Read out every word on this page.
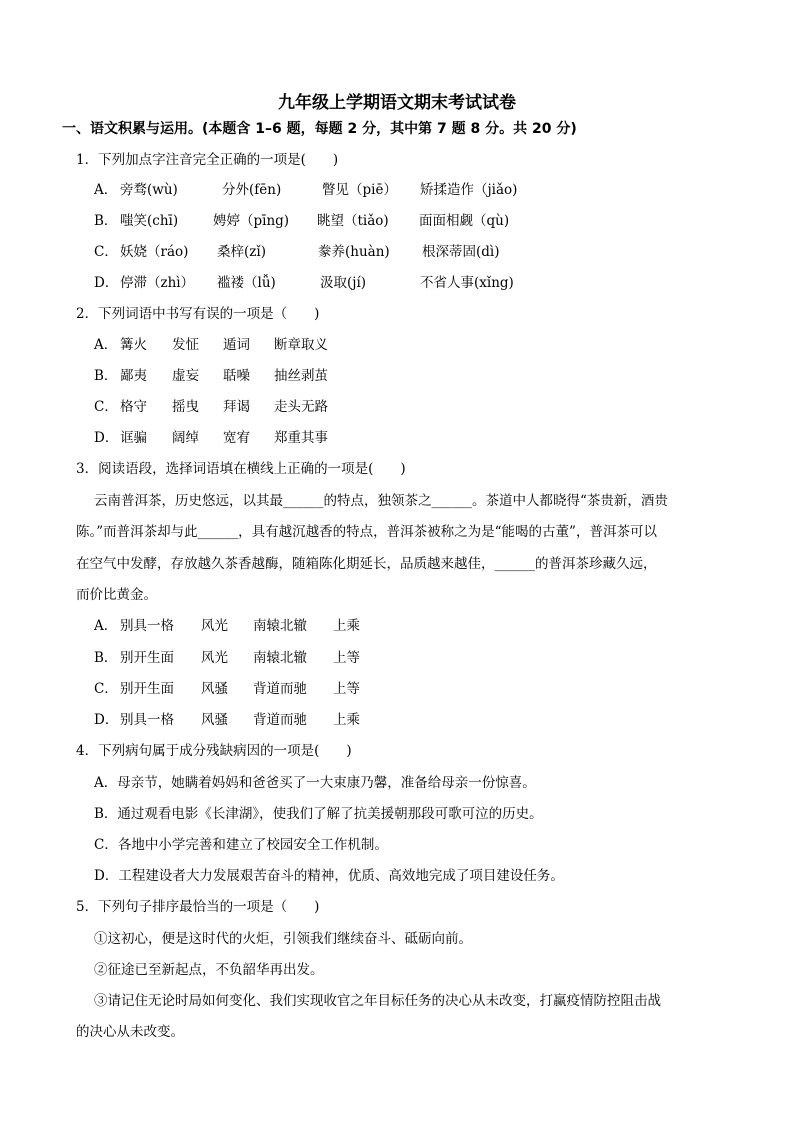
九年级上学期语文期末考试试卷
一、语文积累与运用。(本题含 1–6 题，每题 2 分，其中第 7 题 8 分。共 20 分)
1．下列加点字注音完全正确的一项是(　　)
A． 旁骛(wù)	分外(fēn)	瞥见（piē） 矫揉造作（jiǎo)
B． 嗤笑(chī)	娉婷（pīng) 眺望（tiǎo) 面面相觑（qù)
C． 妖娆（ráo) 桑梓(zǐ)	豢养(huàn) 根深蒂固(dì)
D． 停滞（zhì） 褴褛（lǚ)	汲取(jí)	不省人事(xǐng)
2．下列词语中书写有误的一项是（　　)
A． 篝火 发怔 遁词 断章取义
B． 鄙夷 虚妄 聒噪 抽丝剥茧
C． 格守 摇曳 拜谒 走头无路
D． 诓骗 阔绰 宽宥 郑重其事
3．阅读语段，选择词语填在横线上正确的一项是(　　)
云南普洱茶，历史悠远，以其最______的特点，独领茶之______。茶道中人都晓得“茶贵新，酒贵
陈。”而普洱茶却与此______，具有越沉越香的特点，普洱茶被称之为是“能喝的古董”，普洱茶可以
在空气中发酵，存放越久茶香越酶，随箱陈化期延长，品质越来越佳，______的普洱茶珍藏久远，
而价比黄金。
A． 别具一格 风光 南辕北辙 上乘
B． 别开生面 风光 南辕北辙 上等
C． 别开生面 风骚 背道而驰 上等
D． 别具一格 风骚 背道而驰 上乘
4．下列病句属于成分残缺病因的一项是(　　)
A．母亲节，她瞒着妈妈和爸爸买了一大束康乃馨，准备给母亲一份惊喜。
B．通过观看电影《长津湖》，使我们了解了抗美援朝那段可歌可泣的历史。
C．各地中小学完善和建立了校园安全工作机制。
D．工程建设者大力发展艰苦奋斗的精神，优质、高效地完成了项目建设任务。
5．下列句子排序最恰当的一项是（　　)
①这初心，便是这时代的火炬，引领我们继续奋斗、砥砺向前。
②征途已至新起点，不负韶华再出发。
③请记住无论时局如何变化、我们实现收官之年目标任务的决心从未改变，打赢疫情防控阻击战
的决心从未改变。
